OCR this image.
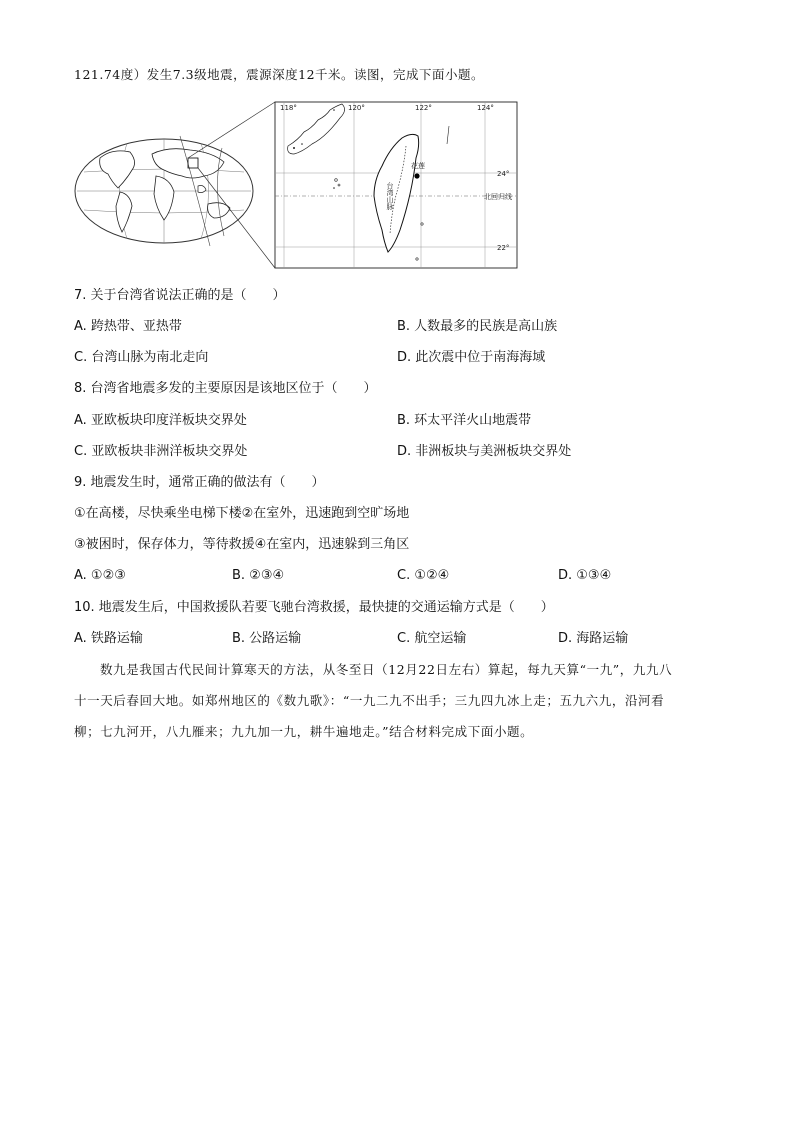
121.74度）发生7.3级地震，震源深度12千米。读图，完成下面小题。
118°	120°	122°	124°
24°
22°
北回归线
花莲
台湾山脉
7. 关于台湾省说法正确的是（　　）
A. 跨热带、亚热带	B. 人数最多的民族是高山族
C. 台湾山脉为南北走向	D. 此次震中位于南海海域
8. 台湾省地震多发的主要原因是该地区位于（　　）
A. 亚欧板块印度洋板块交界处	B. 环太平洋火山地震带
C. 亚欧板块非洲洋板块交界处	D. 非洲板块与美洲板块交界处
9. 地震发生时，通常正确的做法有（　　）
①在高楼，尽快乘坐电梯下楼②在室外，迅速跑到空旷场地
③被困时，保存体力，等待救援④在室内，迅速躲到三角区
A. ①②③	B. ②③④	C. ①②④	D. ①③④
10. 地震发生后，中国救援队若要飞驰台湾救援，最快捷的交通运输方式是（　　）
A. 铁路运输	B. 公路运输	C. 航空运输	D. 海路运输
数九是我国古代民间计算寒天的方法，从冬至日（12月22日左右）算起，每九天算“一九”，九九八
十一天后春回大地。如郑州地区的《数九歌》：“一九二九不出手；三九四九冰上走；五九六九，沿河看
柳；七九河开，八九雁来；九九加一九，耕牛遍地走。”结合材料完成下面小题。
